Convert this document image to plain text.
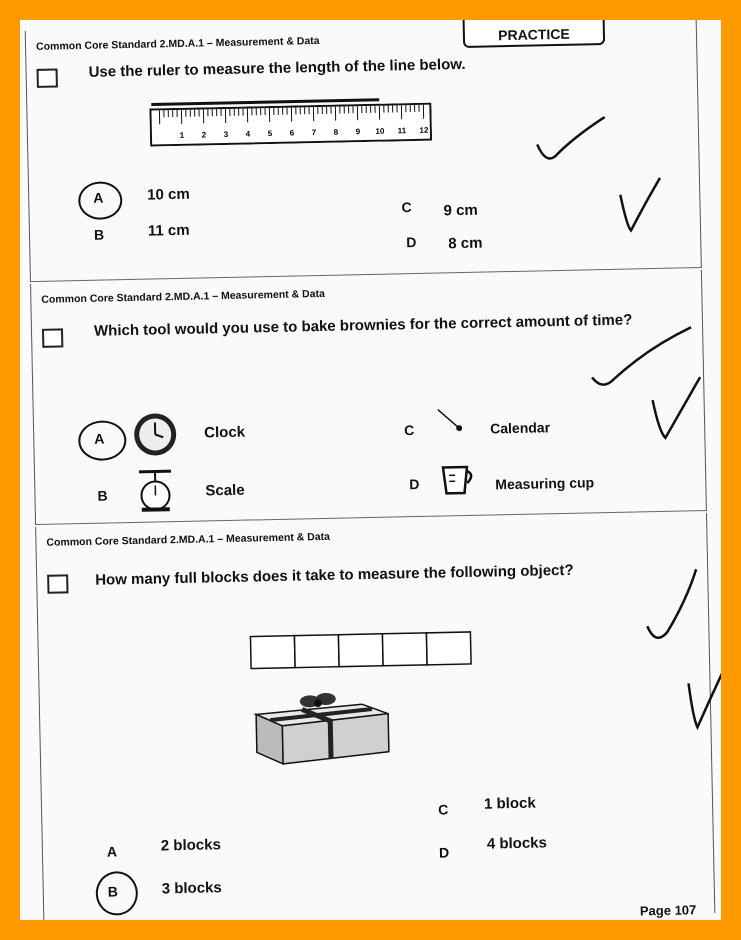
PRACTICE
Common Core Standard 2.MD.A.1 – Measurement & Data
Use the ruler to measure the length of the line below.
1 2 3 4 5 6 7 8 9 10 11 12
A	10 cm
B	11 cm
C 9 cm
D 8 cm
Common Core Standard 2.MD.A.1 – Measurement & Data
Which tool would you use to bake brownies for the correct amount of time?
A	Clock
B	Scale
C	Calendar
D	Measuring cup
Common Core Standard 2.MD.A.1 – Measurement & Data
How many full blocks does it take to measure the following object?
A	2 blocks
B	3 blocks
C 1 block
D 4 blocks
Page 107
